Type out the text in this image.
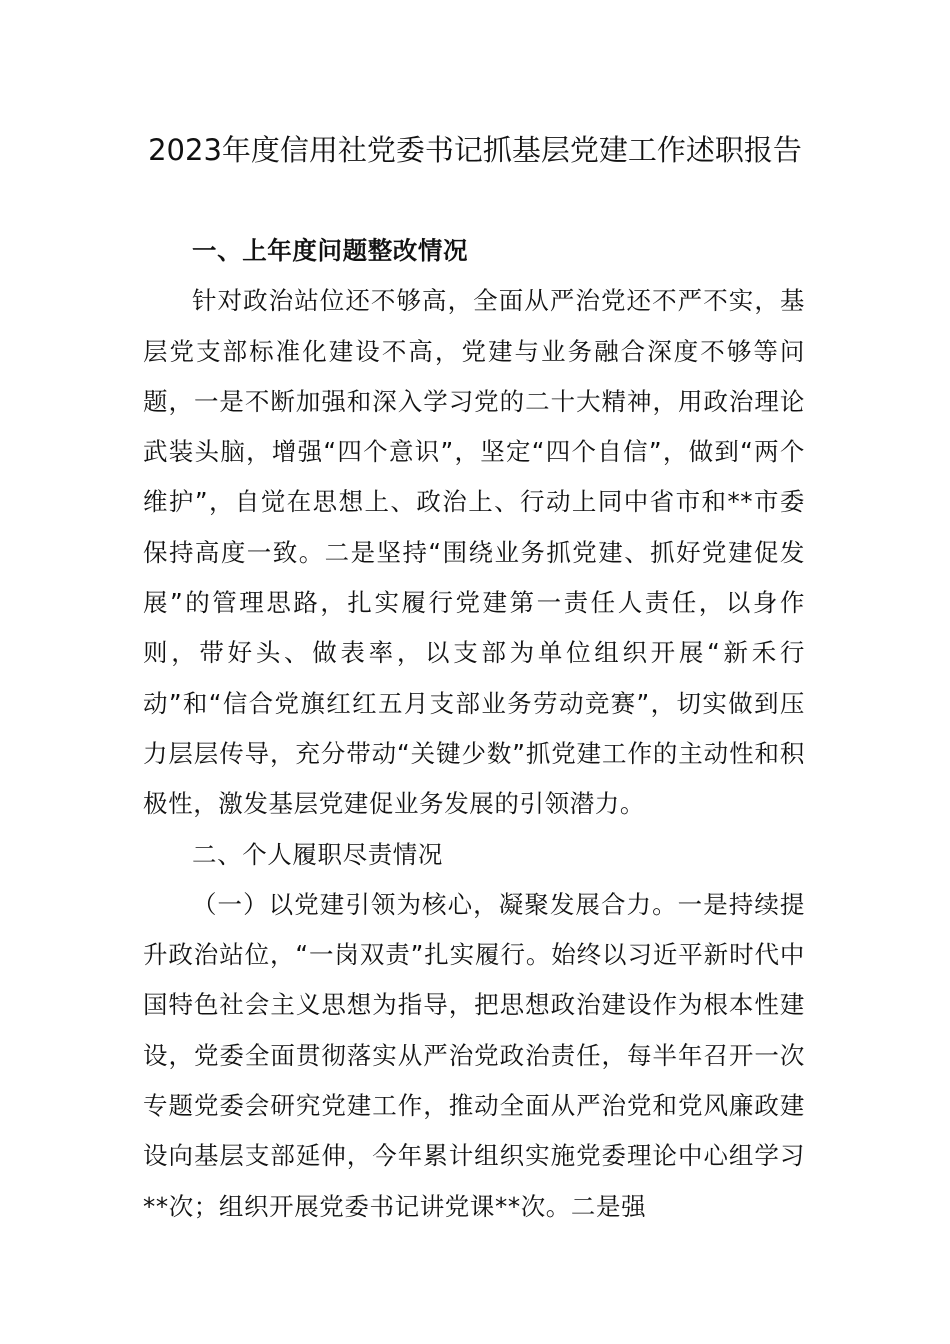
2023年度信用社党委书记抓基层党建工作述职报告

一、上年度问题整改情况

针对政治站位还不够高，全面从严治党还不严不实，基层党支部标准化建设不高，党建与业务融合深度不够等问题，一是不断加强和深入学习党的二十大精神，用政治理论武装头脑，增强“四个意识”，坚定“四个自信”，做到“两个维护”，自觉在思想上、政治上、行动上同中省市和**市委保持高度一致。二是坚持“围绕业务抓党建、抓好党建促发展”的管理思路，扎实履行党建第一责任人责任，以身作则，带好头、做表率，以支部为单位组织开展“新禾行动”和“信合党旗红红五月支部业务劳动竞赛”，切实做到压力层层传导，充分带动“关键少数”抓党建工作的主动性和积极性，激发基层党建促业务发展的引领潜力。

二、个人履职尽责情况

（一）以党建引领为核心，凝聚发展合力。一是持续提升政治站位，“一岗双责”扎实履行。始终以习近平新时代中国特色社会主义思想为指导，把思想政治建设作为根本性建设，党委全面贯彻落实从严治党政治责任，每半年召开一次专题党委会研究党建工作，推动全面从严治党和党风廉政建设向基层支部延伸，今年累计组织实施党委理论中心组学习**次；组织开展党委书记讲党课**次。二是强
